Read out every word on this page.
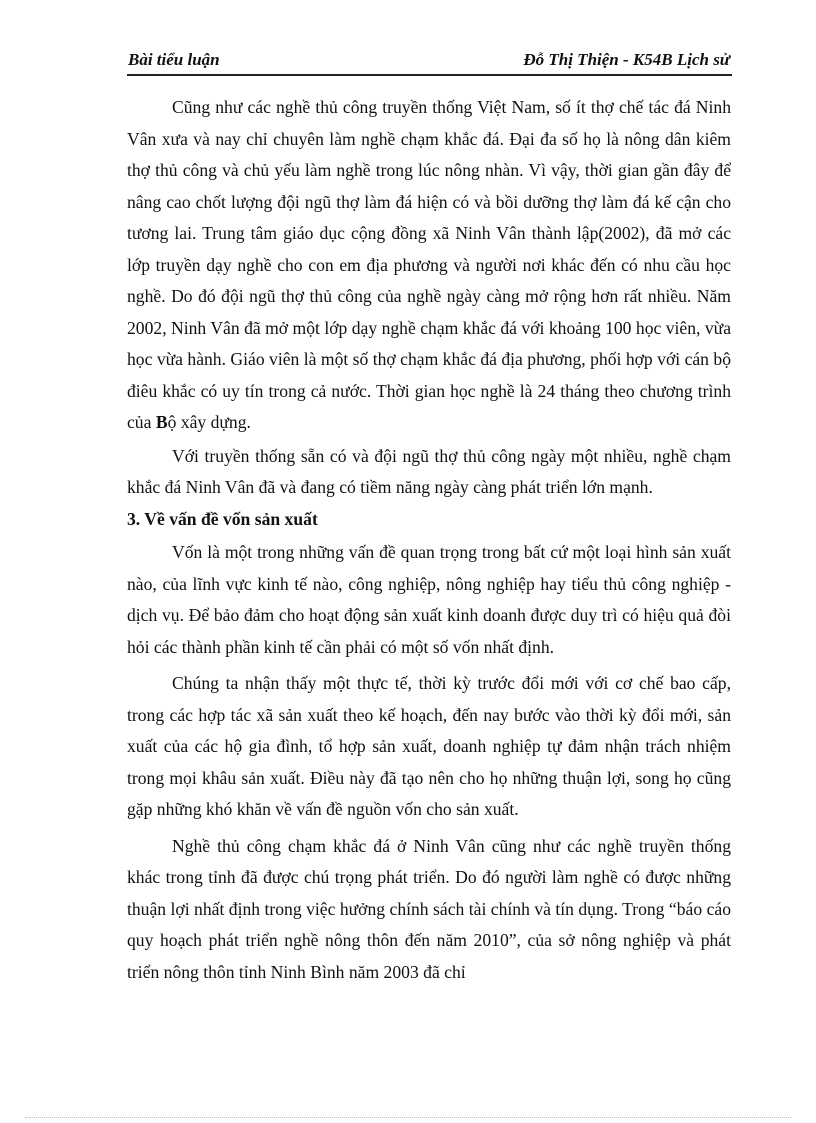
Bài tiểu luận	Đỗ Thị Thiện - K54B Lịch sử

Cũng như các nghề thủ công truyền thống Việt Nam, số ít thợ chế tác đá Ninh Vân xưa và nay chỉ chuyên làm nghề chạm khắc đá. Đại đa số họ là nông dân kiêm thợ thủ công và chủ yếu làm nghề trong lúc nông nhàn. Vì vậy, thời gian gần đây để nâng cao chốt lượng đội ngũ thợ làm đá hiện có và bồi dưỡng thợ làm đá kế cận cho tương lai. Trung tâm giáo dục cộng đồng xã Ninh Vân thành lập(2002), đã mở các lớp truyền dạy nghề cho con em địa phương và người nơi khác đến có nhu cầu học nghề. Do đó đội ngũ thợ thủ công của nghề ngày càng mở rộng hơn rất nhiều. Năm 2002, Ninh Vân đã mở một lớp dạy nghề chạm khắc đá với khoảng 100 học viên, vừa học vừa hành. Giáo viên là một số thợ chạm khắc đá địa phương, phối hợp với cán bộ điêu khắc có uy tín trong cả nước. Thời gian học nghề là 24 tháng theo chương trình của Bộ xây dựng.

Với truyền thống sẵn có và đội ngũ thợ thủ công ngày một nhiều, nghề chạm khắc đá Ninh Vân đã và đang có tiềm năng ngày càng phát triển lớn mạnh.

3. Về vấn đề vốn sản xuất

Vốn là một trong những vấn đề quan trọng trong bất cứ một loại hình sản xuất nào, của lĩnh vực kinh tế nào, công nghiệp, nông nghiệp hay tiểu thủ công nghiệp - dịch vụ. Để bảo đảm cho hoạt động sản xuất kinh doanh được duy trì có hiệu quả đòi hỏi các thành phần kinh tế cần phải có một số vốn nhất định.

Chúng ta nhận thấy một thực tế, thời kỳ trước đổi mới với cơ chế bao cấp, trong các hợp tác xã sản xuất theo kế hoạch, đến nay bước vào thời kỳ đổi mới, sản xuất của các hộ gia đình, tổ hợp sản xuất, doanh nghiệp tự đảm nhận trách nhiệm trong mọi khâu sản xuất. Điều này đã tạo nên cho họ những thuận lợi, song họ cũng gặp những khó khăn về vấn đề nguồn vốn cho sản xuất.

Nghề thủ công chạm khắc đá ở Ninh Vân cũng như các nghề truyền thống khác trong tỉnh đã được chú trọng phát triển. Do đó người làm nghề có được những thuận lợi nhất định trong việc hưởng chính sách tài chính và tín dụng. Trong “báo cáo quy hoạch phát triển nghề nông thôn đến năm 2010”, của sở nông nghiệp và phát triển nông thôn tỉnh Ninh Bình năm 2003 đã chỉ
